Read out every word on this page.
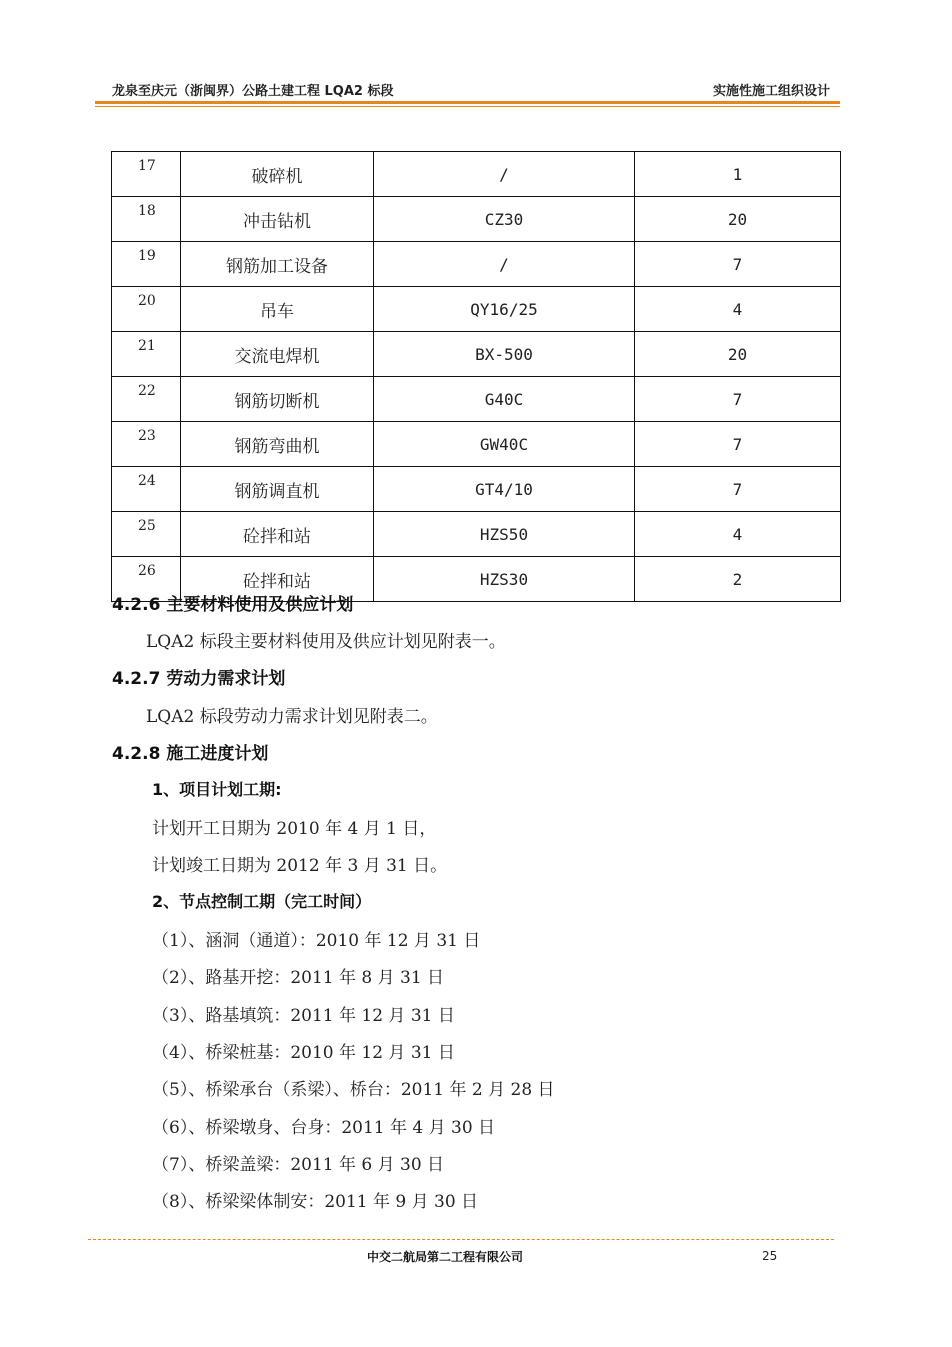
龙泉至庆元（浙闽界）公路土建工程 LQA2 标段	实施性施工组织设计
17	破碎机	/	1
18	冲击钻机	CZ30	20
19	钢筋加工设备	/	7
20	吊车	QY16/25	4
21	交流电焊机	BX-500	20
22	钢筋切断机	G40C	7
23	钢筋弯曲机	GW40C	7
24	钢筋调直机	GT4/10	7
25	砼拌和站	HZS50	4
26	砼拌和站	HZS30	2
4.2.6 主要材料使用及供应计划
LQA2 标段主要材料使用及供应计划见附表一。
4.2.7 劳动力需求计划
LQA2 标段劳动力需求计划见附表二。
4.2.8 施工进度计划
1、项目计划工期:
计划开工日期为 2010 年 4 月 1 日，
计划竣工日期为 2012 年 3 月 31 日。
2、节点控制工期（完工时间）
（1）、涵洞（通道）：2010 年 12 月 31 日
（2）、路基开挖：2011 年 8 月 31 日
（3）、路基填筑：2011 年 12 月 31 日
（4）、桥梁桩基：2010 年 12 月 31 日
（5）、桥梁承台（系梁）、桥台：2011 年 2 月 28 日
（6）、桥梁墩身、台身：2011 年 4 月 30 日
（7）、桥梁盖梁：2011 年 6 月 30 日
（8）、桥梁梁体制安：2011 年 9 月 30 日
中交二航局第二工程有限公司	25
